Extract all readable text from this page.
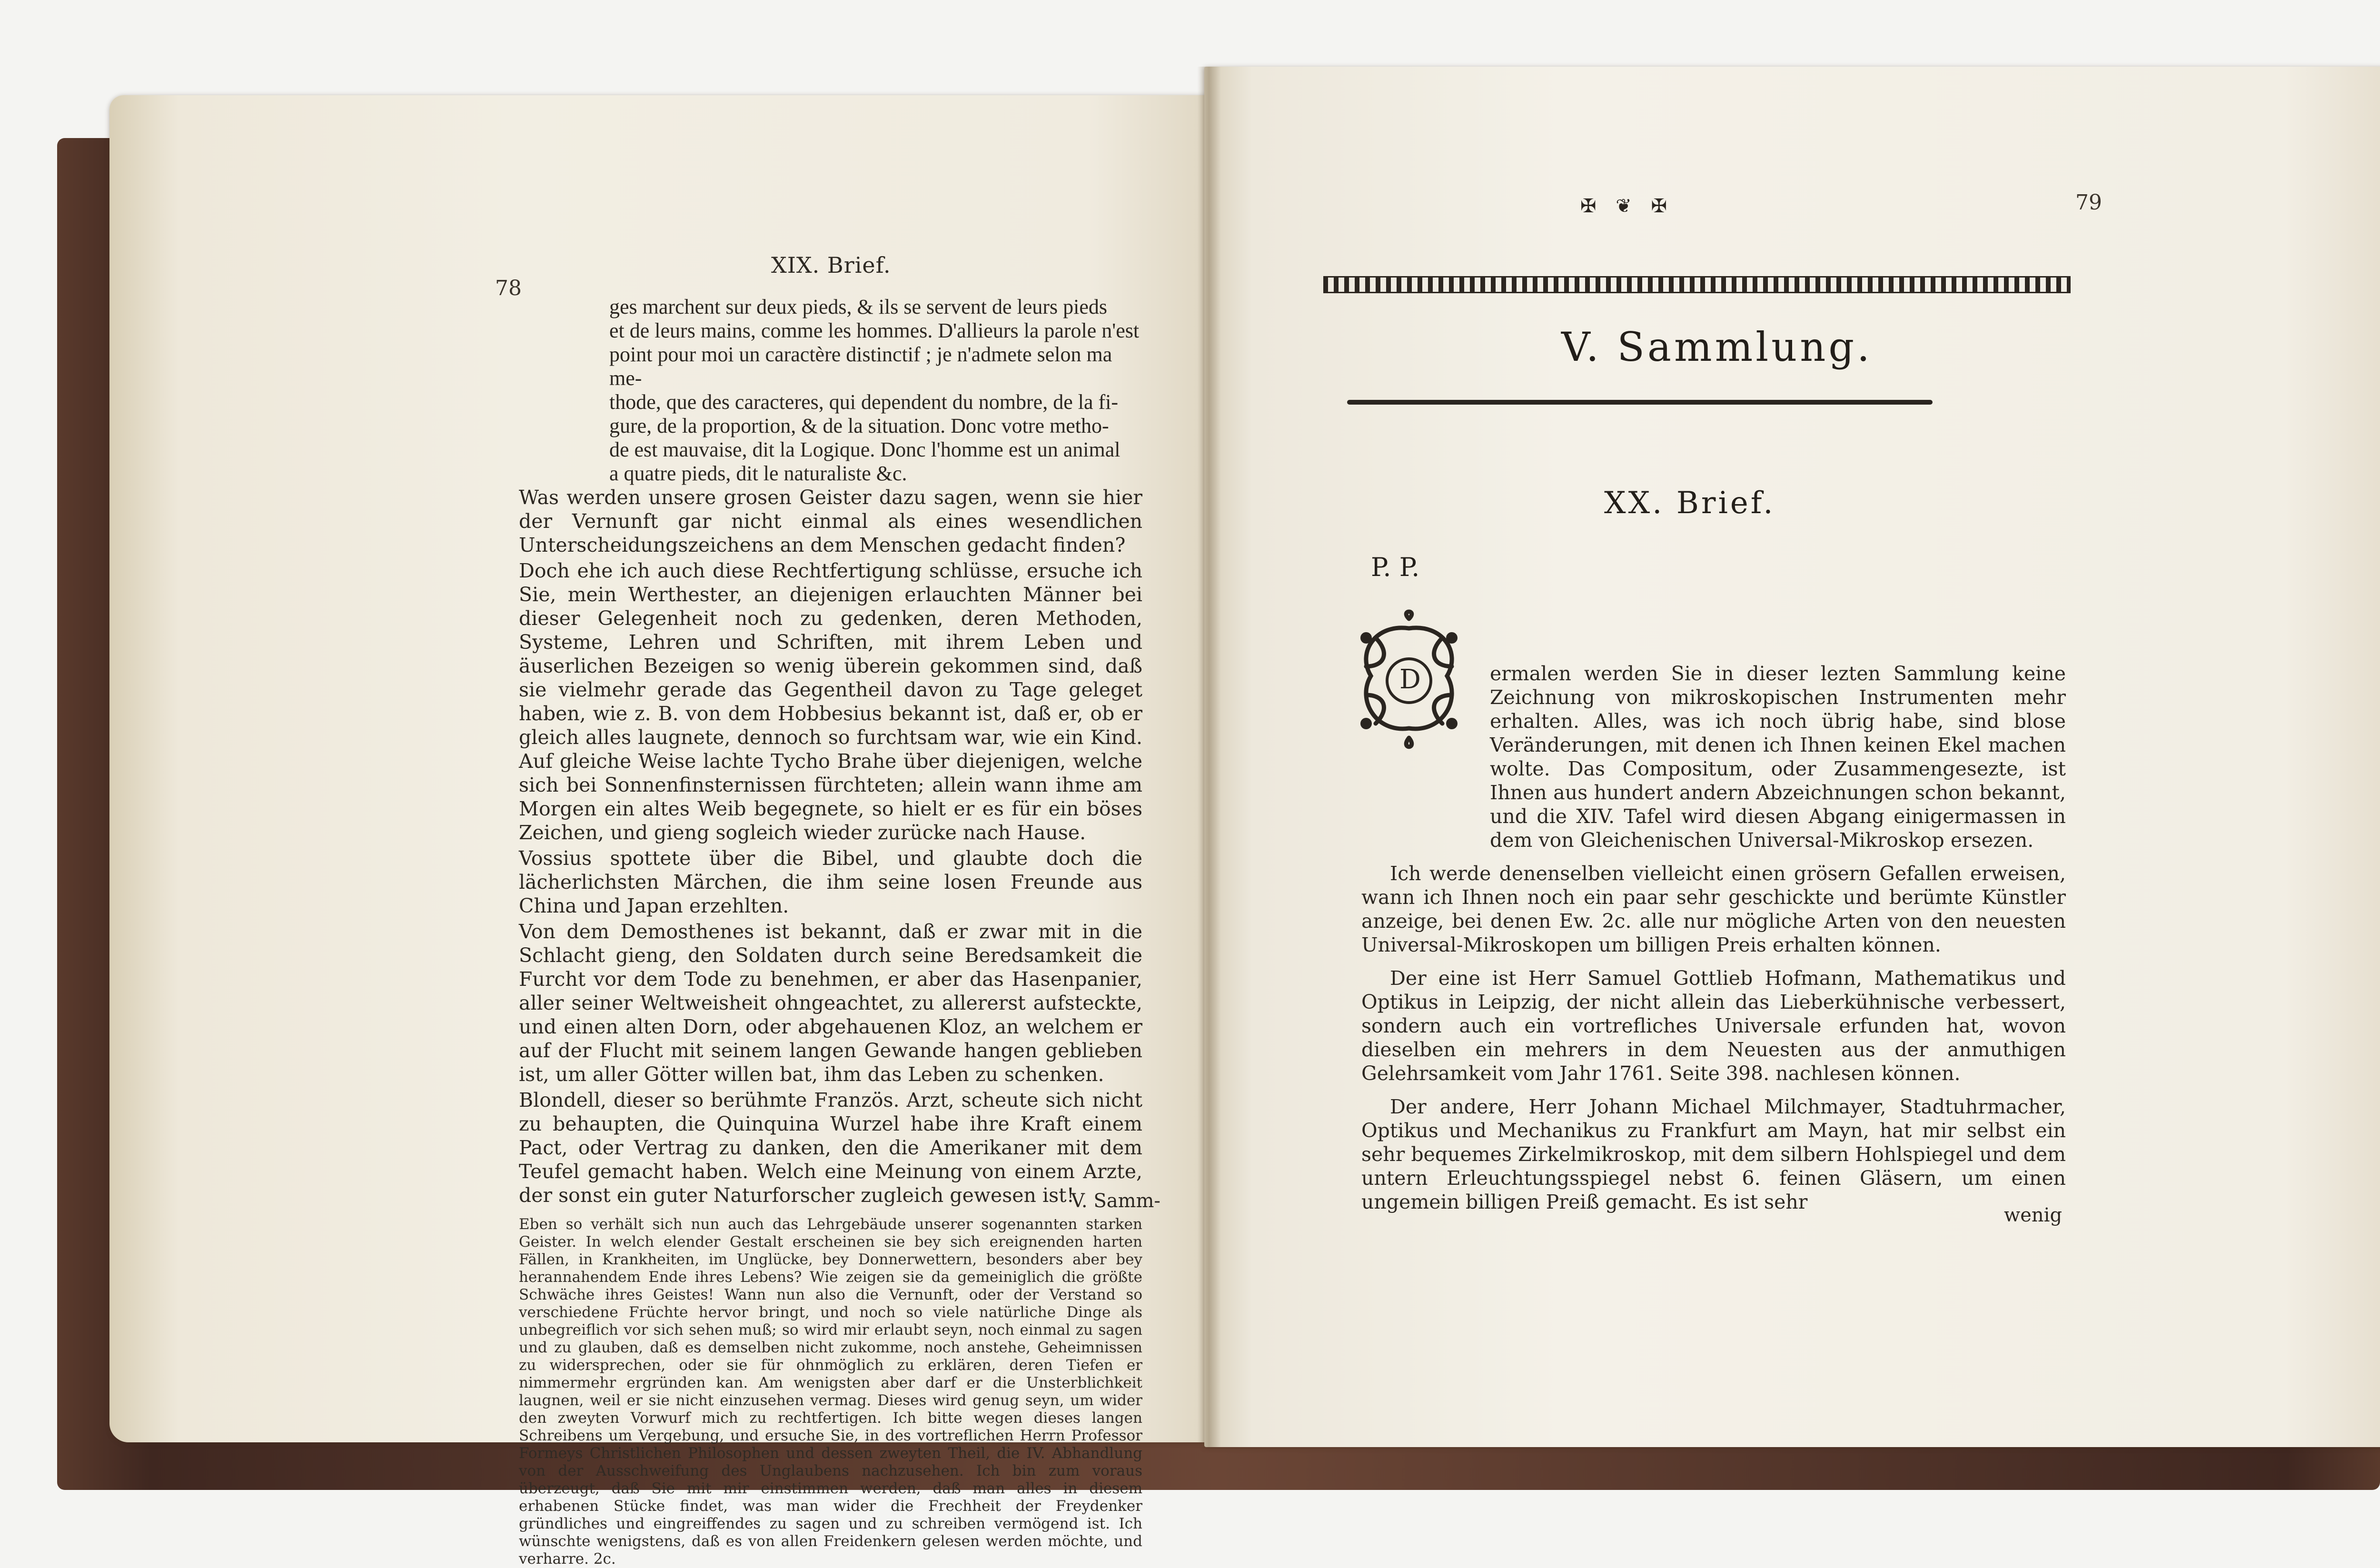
78
XIX. Brief.
ges marchent sur deux pieds, & ils se servent de leurs pieds
et de leurs mains, comme les hommes. D'allieurs la parole n'est
point pour moi un caractère distinctif ; je n'admete selon ma me-
thode, que des caracteres, qui dependent du nombre, de la fi-
gure, de la proportion, & de la situation. Donc votre metho-
de est mauvaise, dit la Logique. Donc l'homme est un animal
a quatre pieds, dit le naturaliste &c.

Was werden unsere grosen Geister dazu sagen, wenn sie hier der Vernunft gar nicht einmal als eines wesendlichen Unterscheidungszeichens an dem Menschen gedacht finden?

Doch ehe ich auch diese Rechtfertigung schlüsse, ersuche ich Sie, mein Werthester, an diejenigen erlauchten Männer bei dieser Gelegenheit noch zu gedenken, deren Methoden, Systeme, Lehren und Schriften, mit ihrem Leben und äuserlichen Bezeigen so wenig überein gekommen sind, daß sie vielmehr gerade das Gegentheil davon zu Tage geleget haben, wie z. B. von dem Hobbesius bekannt ist, daß er, ob er gleich alles laugnete, dennoch so furchtsam war, wie ein Kind. Auf gleiche Weise lachte Tycho Brahe über diejenigen, welche sich bei Sonnenfinsternissen fürchteten; allein wann ihme am Morgen ein altes Weib begegnete, so hielt er es für ein böses Zeichen, und gieng sogleich wieder zurücke nach Hause.

Vossius spottete über die Bibel, und glaubte doch die lächerlichsten Märchen, die ihm seine losen Freunde aus China und Japan erzehlten.

Von dem Demosthenes ist bekannt, daß er zwar mit in die Schlacht gieng, den Soldaten durch seine Beredsamkeit die Furcht vor dem Tode zu benehmen, er aber das Hasenpanier, aller seiner Weltweisheit ohngeachtet, zu allererst aufsteckte, und einen alten Dorn, oder abgehauenen Kloz, an welchem er auf der Flucht mit seinem langen Gewande hangen geblieben ist, um aller Götter willen bat, ihm das Leben zu schenken.

Blondell, dieser so berühmte Französ. Arzt, scheute sich nicht zu behaupten, die Quinquina Wurzel habe ihre Kraft einem Pact, oder Vertrag zu danken, den die Amerikaner mit dem Teufel gemacht haben. Welch eine Meinung von einem Arzte, der sonst ein guter Naturforscher zugleich gewesen ist!

Eben so verhält sich nun auch das Lehrgebäude unserer sogenannten starken Geister. In welch elender Gestalt erscheinen sie bey sich ereignenden harten Fällen, in Krankheiten, im Unglücke, bey Donnerwettern, besonders aber bey herannahendem Ende ihres Lebens? Wie zeigen sie da gemeiniglich die größte Schwäche ihres Geistes! Wann nun also die Vernunft, oder der Verstand so verschiedene Früchte hervor bringt, und noch so viele natürliche Dinge als unbegreiflich vor sich sehen muß; so wird mir erlaubt seyn, noch einmal zu sagen und zu glauben, daß es demselben nicht zukomme, noch anstehe, Geheimnissen zu widersprechen, oder sie für ohnmöglich zu erklären, deren Tiefen er nimmermehr ergründen kan. Am wenigsten aber darf er die Unsterblichkeit laugnen, weil er sie nicht einzusehen vermag. Dieses wird genug seyn, um wider den zweyten Vorwurf mich zu rechtfertigen. Ich bitte wegen dieses langen Schreibens um Vergebung, und ersuche Sie, in des vortreflichen Herrn Professor Formeys Christlichen Philosophen und dessen zweyten Theil, die IV. Abhandlung von der Ausschweifung des Unglaubens nachzusehen. Ich bin zum voraus überzeugt, daß Sie mit mir einstimmen werden, daß man alles in diesem erhabenen Stücke findet, was man wider die Frechheit der Freydenker gründliches und eingreiffendes zu sagen und zu schreiben vermögend ist. Ich wünschte wenigstens, daß es von allen Freidenkern gelesen werden möchte, und verharre. 2c.
V. Samm-
✠ ❦ ✠	79
V. Sammlung.
XX. Brief.
P. P.
D	ermalen werden Sie in dieser lezten Sammlung keine Zeichnung von mikroskopischen Instrumenten mehr erhalten. Alles, was ich noch übrig habe, sind blose Veränderungen, mit denen ich Ihnen keinen Ekel machen wolte. Das Compositum, oder Zusammengesezte, ist Ihnen aus hundert andern Abzeichnungen schon bekannt, und die XIV. Tafel wird diesen Abgang einigermassen in dem von Gleichenischen Universal-Mikroskop ersezen.

Ich werde denenselben vielleicht einen grösern Gefallen erweisen, wann ich Ihnen noch ein paar sehr geschickte und berümte Künstler anzeige, bei denen Ew. 2c. alle nur mögliche Arten von den neuesten Universal-Mikroskopen um billigen Preis erhalten können.

Der eine ist Herr Samuel Gottlieb Hofmann, Mathematikus und Optikus in Leipzig, der nicht allein das Lieberkühnische verbessert, sondern auch ein vortrefliches Universale erfunden hat, wovon dieselben ein mehrers in dem Neuesten aus der anmuthigen Gelehrsamkeit vom Jahr 1761. Seite 398. nachlesen können.

Der andere, Herr Johann Michael Milchmayer, Stadtuhrmacher, Optikus und Mechanikus zu Frankfurt am Mayn, hat mir selbst ein sehr bequemes Zirkelmikroskop, mit dem silbern Hohlspiegel und dem untern Erleuchtungsspiegel nebst 6. feinen Gläsern, um einen ungemein billigen Preiß gemacht. Es ist sehr

wenig
